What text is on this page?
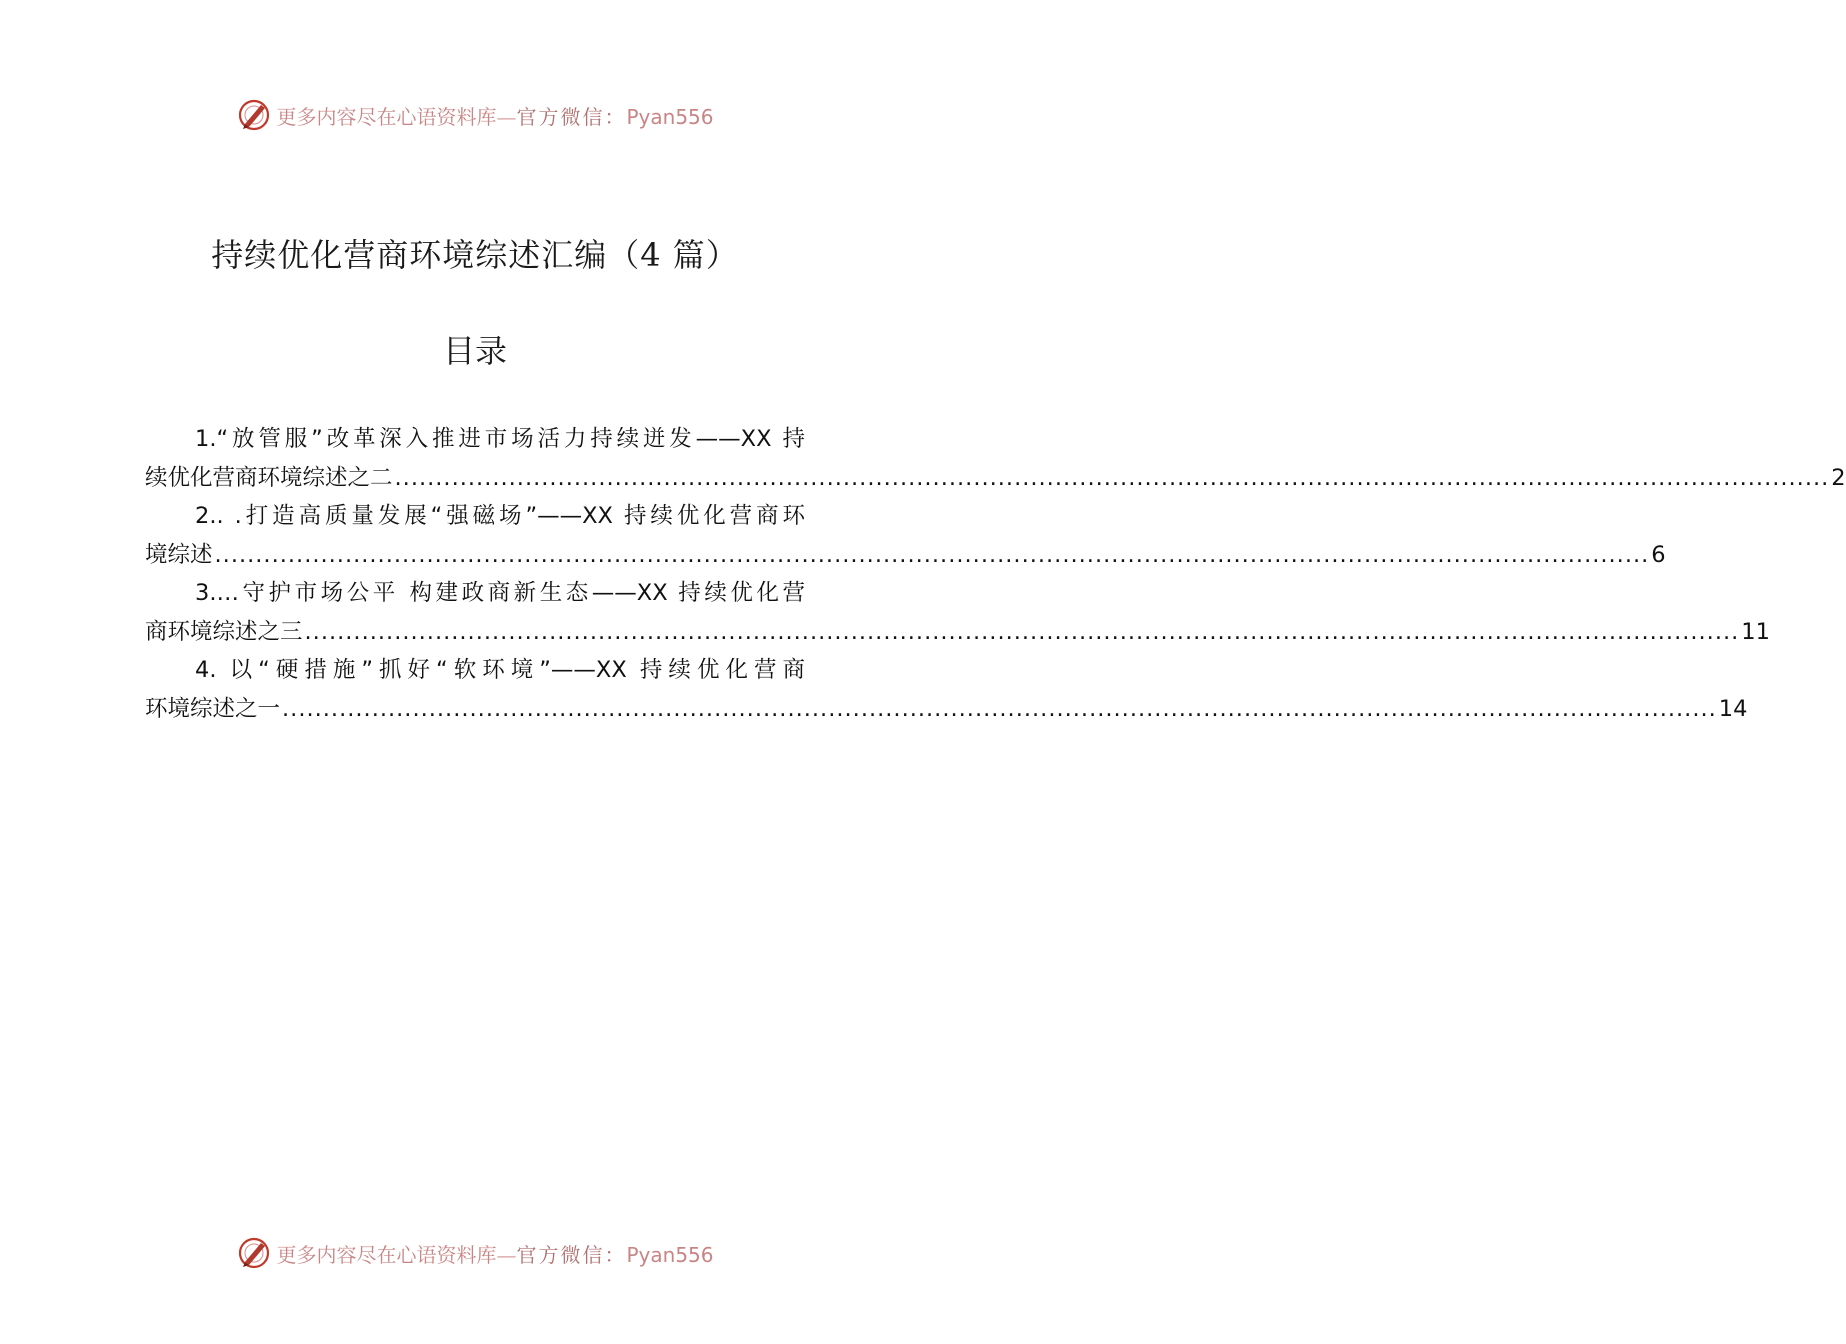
更多内容尽在心语资料库—官方微信：Pyan556
持续优化营商环境综述汇编（4 篇）
目录
1.“放管服”改革深入推进市场活力持续迸发——XX 持
续优化营商环境综述之二 ................................................................................................................................................................................ 2
2.. .打造高质量发展“强磁场”——XX 持续优化营商环
境综述 ................................................................................................................................................................................ 6
3.…守护市场公平 构建政商新生态——XX 持续优化营
商环境综述之三 ................................................................................................................................................................................ 11
4. 以“硬措施”抓好“软环境”——XX 持续优化营商
环境综述之一 ................................................................................................................................................................................ 14
更多内容尽在心语资料库—官方微信：Pyan556
